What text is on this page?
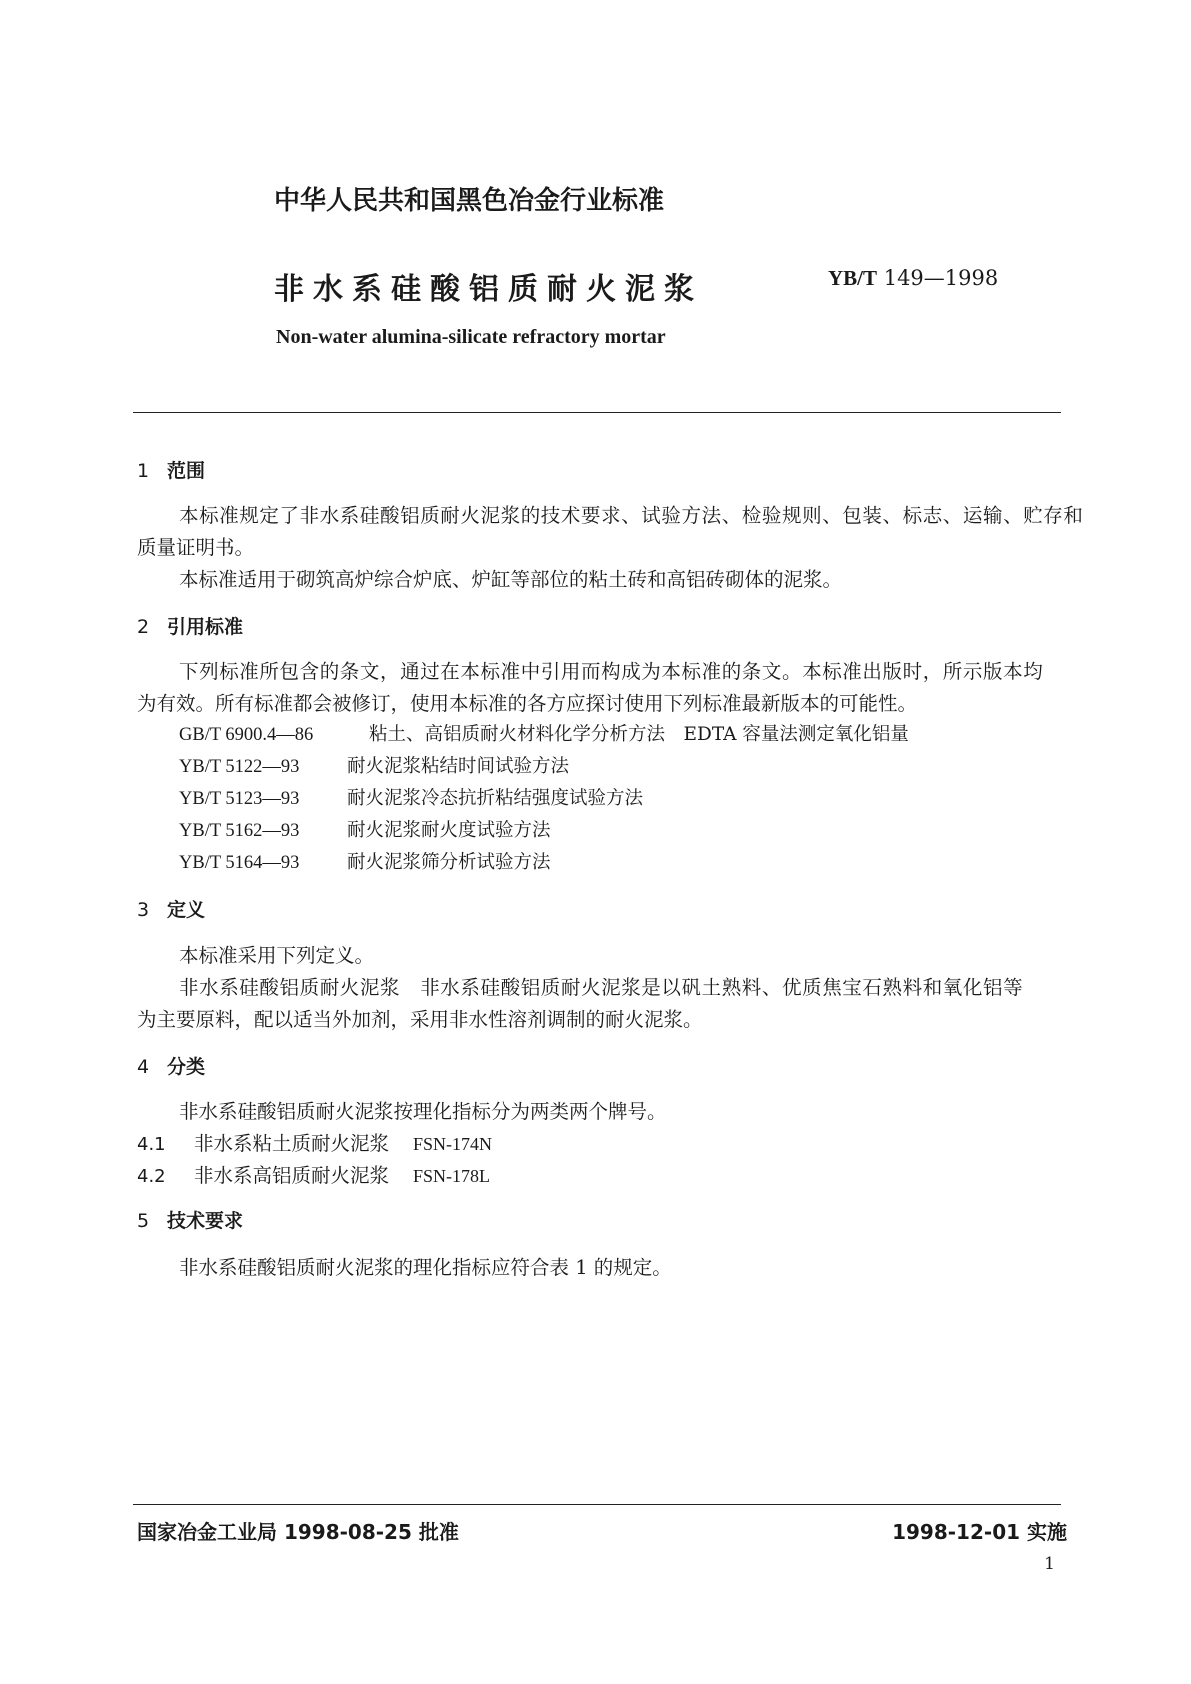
中华人民共和国黑色冶金行业标准
非水系硅酸铝质耐火泥浆	YB/T 149—1998
Non-water alumina-silicate refractory mortar
1 范围
本标准规定了非水系硅酸铝质耐火泥浆的技术要求、试验方法、检验规则、包装、标志、运输、贮存和
质量证明书。
本标准适用于砌筑高炉综合炉底、炉缸等部位的粘土砖和高铝砖砌体的泥浆。
2 引用标准
下列标准所包含的条文，通过在本标准中引用而构成为本标准的条文。本标准出版时，所示版本均
为有效。所有标准都会被修订，使用本标准的各方应探讨使用下列标准最新版本的可能性。
GB/T 6900.4—86	粘土、高铝质耐火材料化学分析方法　EDTA 容量法测定氧化铝量
YB/T 5122—93	耐火泥浆粘结时间试验方法
YB/T 5123—93	耐火泥浆冷态抗折粘结强度试验方法
YB/T 5162—93	耐火泥浆耐火度试验方法
YB/T 5164—93	耐火泥浆筛分析试验方法
3 定义
本标准采用下列定义。
非水系硅酸铝质耐火泥浆　非水系硅酸铝质耐火泥浆是以矾土熟料、优质焦宝石熟料和氧化铝等
为主要原料，配以适当外加剂，采用非水性溶剂调制的耐火泥浆。
4 分类
非水系硅酸铝质耐火泥浆按理化指标分为两类两个牌号。
4.1 非水系粘土质耐火泥浆 FSN-174N
4.2 非水系高铝质耐火泥浆 FSN-178L
5 技术要求
非水系硅酸铝质耐火泥浆的理化指标应符合表 1 的规定。
国家冶金工业局 1998-08-25 批准	1998-12-01 实施
1
